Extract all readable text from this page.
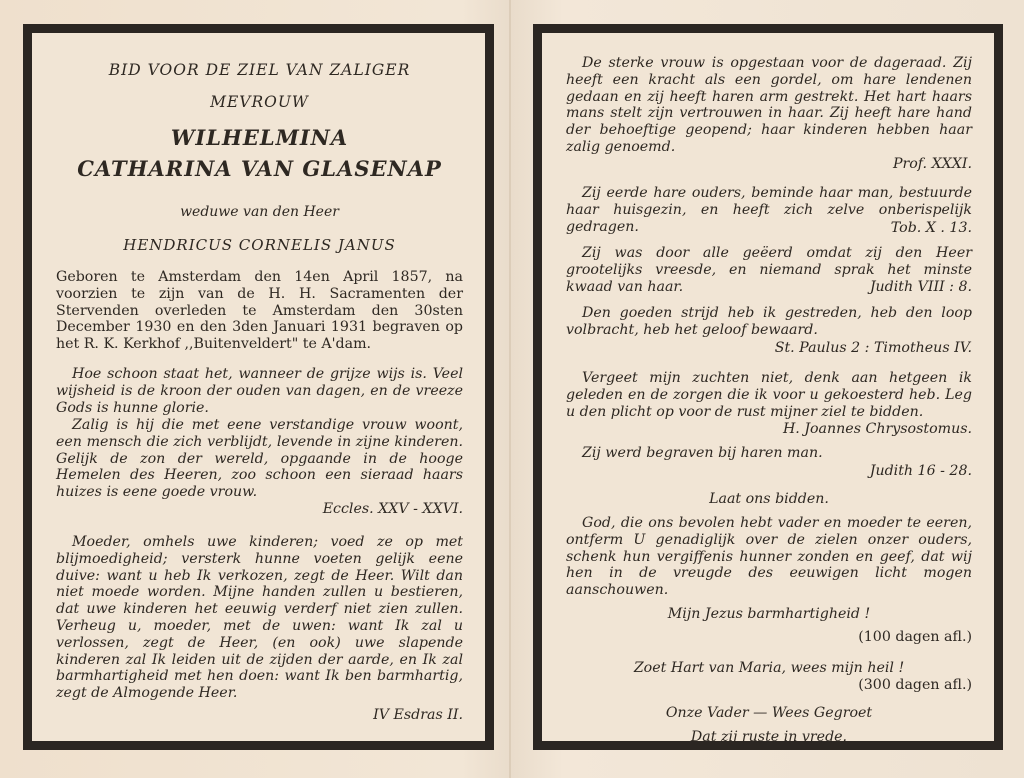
BID VOOR DE ZIEL VAN ZALIGER
MEVROUW
WILHELMINA
CATHARINA VAN GLASENAP
weduwe van den Heer
HENDRICUS CORNELIS JANUS
Geboren te Amsterdam den 14en April 1857, na voorzien te zijn van de H. H. Sacramenten der Stervenden overleden te Amsterdam den 30sten December 1930 en den 3den Januari 1931 begraven op het R. K. Kerkhof ,,Buitenveldert" te A'dam.
Hoe schoon staat het, wanneer de grijze wijs is. Veel wijsheid is de kroon der ouden van dagen, en de vreeze Gods is hunne glorie.
Zalig is hij die met eene verstandige vrouw woont, een mensch die zich verblijdt, levende in zijne kinderen. Gelijk de zon der wereld, opgaande in de hooge Hemelen des Heeren, zoo schoon een sieraad haars huizes is eene goede vrouw.
Eccles. XXV - XXVI.
Moeder, omhels uwe kinderen; voed ze op met blijmoedigheid; versterk hunne voeten gelijk eene duive: want u heb Ik verkozen, zegt de Heer. Wilt dan niet moede worden. Mijne handen zullen u bestieren, dat uwe kinderen het eeuwig verderf niet zien zullen. Verheug u, moeder, met de uwen: want Ik zal u verlossen, zegt de Heer, (en ook) uwe slapende kinderen zal Ik leiden uit de zijden der aarde, en Ik zal barmhartigheid met hen doen: want Ik ben barmhartig, zegt de Almogende Heer.
IV Esdras II.
De sterke vrouw is opgestaan voor de dageraad. Zij heeft een kracht als een gordel, om hare lendenen gedaan en zij heeft haren arm gestrekt. Het hart haars mans stelt zijn vertrouwen in haar. Zij heeft hare hand der behoeftige geopend; haar kinderen hebben haar zalig genoemd.
Prof. XXXI.
Zij eerde hare ouders, beminde haar man, bestuurde haar huisgezin, en heeft zich zelve onberispelijk gedragen.	Tob. X . 13.
Zij was door alle geëerd omdat zij den Heer grootelijks vreesde, en niemand sprak het minste kwaad van haar.	Judith VIII : 8.
Den goeden strijd heb ik gestreden, heb den loop volbracht, heb het geloof bewaard.
St. Paulus 2 : Timotheus IV.
Vergeet mijn zuchten niet, denk aan hetgeen ik geleden en de zorgen die ik voor u gekoesterd heb. Leg u den plicht op voor de rust mijner ziel te bidden.
H. Joannes Chrysostomus.
Zij werd begraven bij haren man.
Judith 16 - 28.
Laat ons bidden.
God, die ons bevolen hebt vader en moeder te eeren, ontferm U genadiglijk over de zielen onzer ouders, schenk hun vergiffenis hunner zonden en geef, dat wij hen in de vreugde des eeuwigen licht mogen aanschouwen.
Mijn Jezus barmhartigheid !
(100 dagen afl.)
Zoet Hart van Maria, wees mijn heil !
(300 dagen afl.)
Onze Vader — Wees Gegroet
Dat zij ruste in vrede.
